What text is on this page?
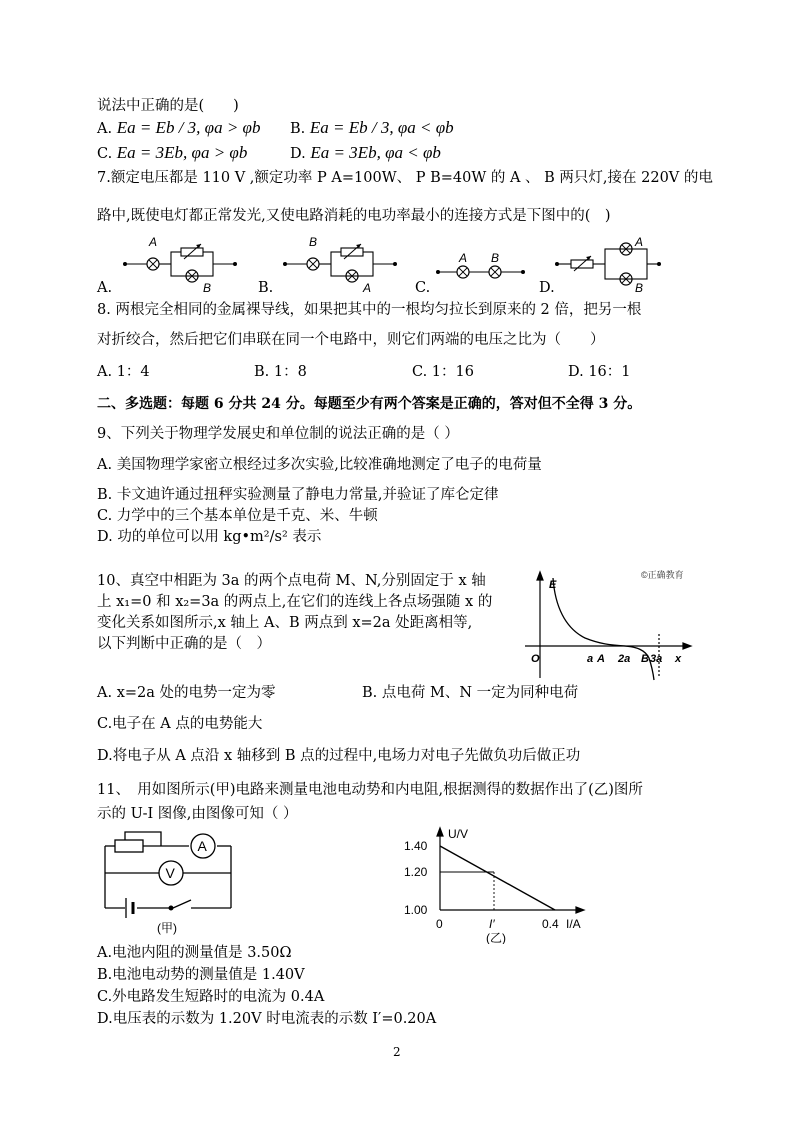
说法中正确的是(　　)
A. Ea = Eb / 3, φa > φb B. Ea = Eb / 3, φa < φb
C. Ea = 3Eb, φa > φb	D. Ea = 3Eb, φa < φb
7.额定电压都是 110 V ,额定功率 P A=100W、 P B=40W 的 A 、 B 两只灯,接在 220V 的电
路中,既使电灯都正常发光,又使电路消耗的电功率最小的连接方式是下图中的(　)
A
B
B
A
A B
A
B
A.	B.	C.	D.
8. 两根完全相同的金属裸导线，如果把其中的一根均匀拉长到原来的 2 倍，把另一根
对折绞合，然后把它们串联在同一个电路中，则它们两端的电压之比为（　　）
A. 1：4	B. 1：8	C. 1：16	D. 16：1
二、多选题：每题 6 分共 24 分。每题至少有两个答案是正确的，答对但不全得 3 分。
9、下列关于物理学发展史和单位制的说法正确的是（ ）
A. 美国物理学家密立根经过多次实验,比较准确地测定了电子的电荷量
B. 卡文迪许通过扭秤实验测量了静电力常量,并验证了库仑定律
C. 力学中的三个基本单位是千克、米、牛顿
D. 功的单位可以用 kg•m²/s² 表示
10、真空中相距为 3a 的两个点电荷 M、N,分别固定于 x 轴
上 x₁=0 和 x₂=3a 的两点上,在它们的连线上各点场强随 x 的
变化关系如图所示,x 轴上 A、B 两点到 x=2a 处距离相等,
以下判断中正确的是（　）
E
x
O	a A 2a B 3a
©正确教育
A. x=2a 处的电势一定为零	B. 点电荷 M、N 一定为同种电荷
C.电子在 A 点的电势能大
D.将电子从 A 点沿 x 轴移到 B 点的过程中,电场力对电子先做负功后做正功
11、　用如图所示(甲)电路来测量电池电动势和内电阻,根据测得的数据作出了(乙)图所
示的 U-I 图像,由图像可知（ ）
A
V
(甲)
U/V
I/A
1.40
1.20
1.00
0	I′	0.4
(乙)
A.电池内阻的测量值是 3.50Ω
B.电池电动势的测量值是 1.40V
C.外电路发生短路时的电流为 0.4A
D.电压表的示数为 1.20V 时电流表的示数 I′=0.20A
2
